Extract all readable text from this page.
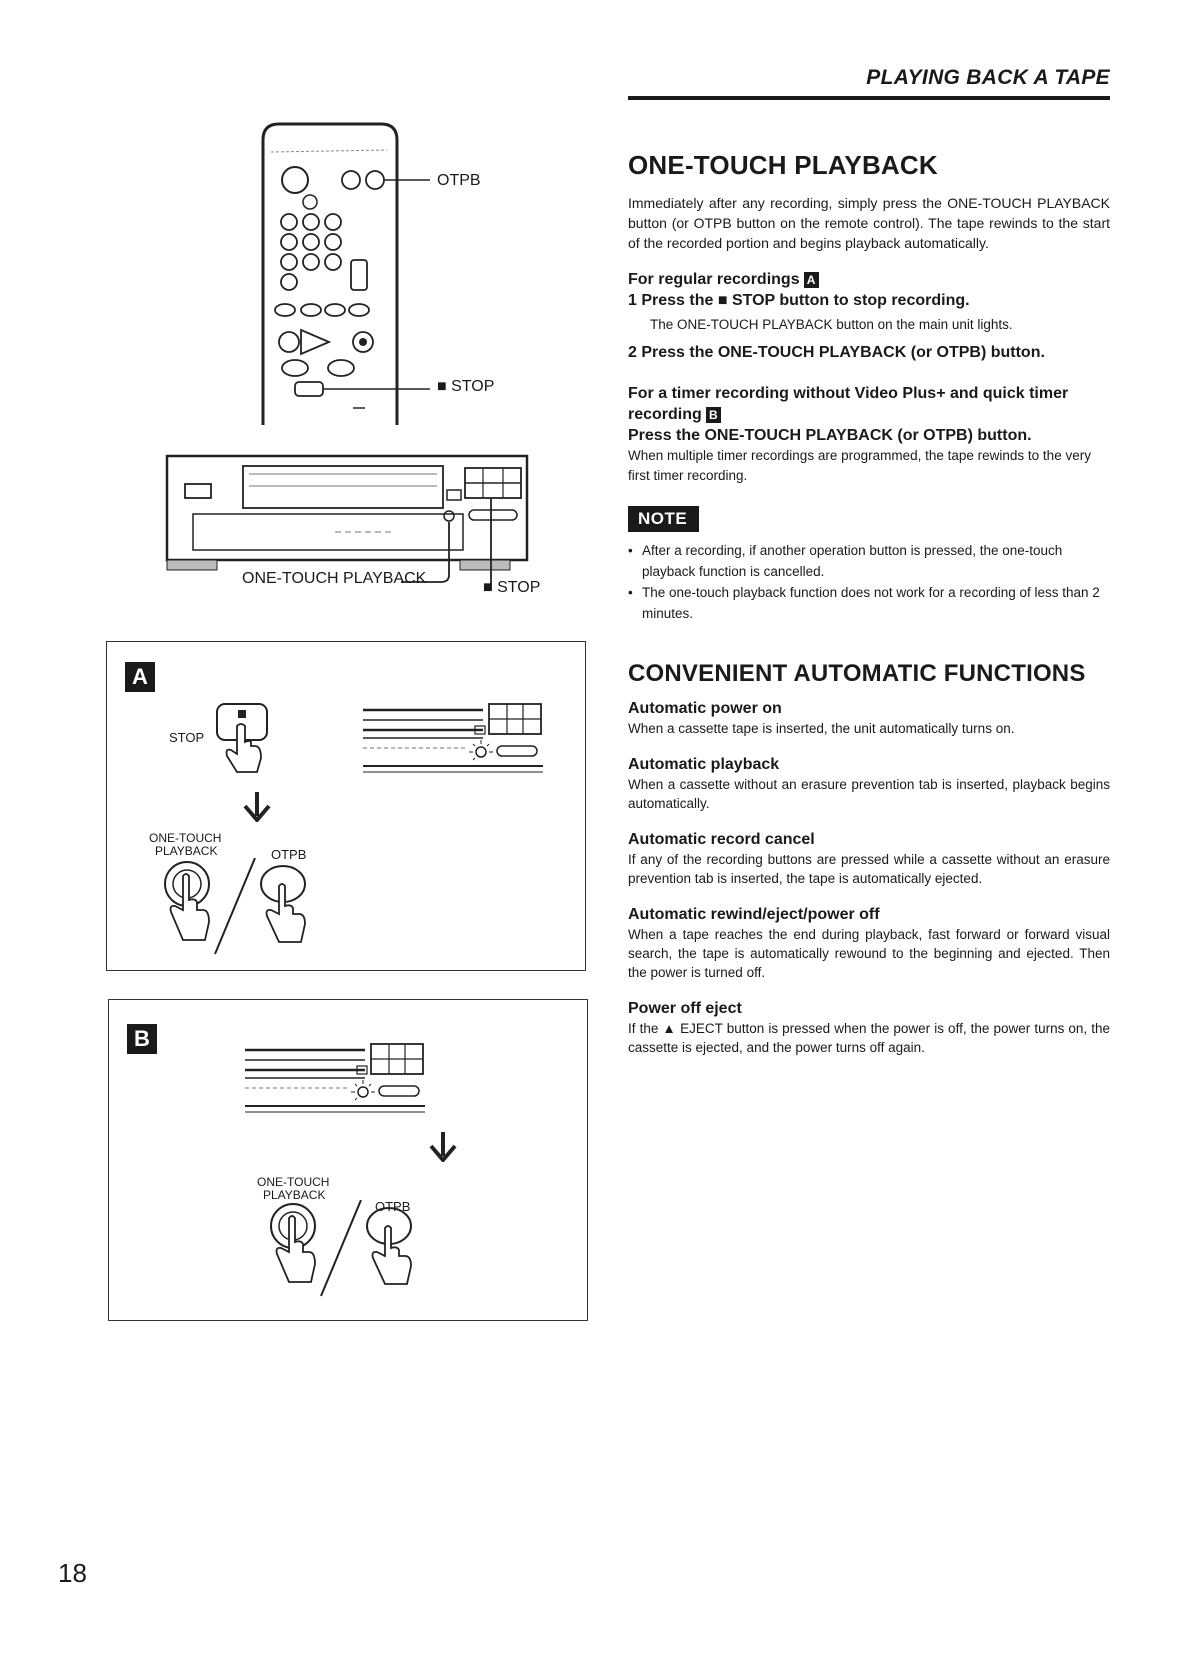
PLAYING BACK A TAPE
OTPB
■ STOP
ONE-TOUCH PLAYBACK
■ STOP
A
STOP
ONE-TOUCH
PLAYBACK	OTPB
B
ONE-TOUCH
PLAYBACK
OTPB
ONE-TOUCH PLAYBACK

Immediately after any recording, simply press the ONE-TOUCH PLAYBACK button (or OTPB button on the remote control). The tape rewinds to the start of the recorded portion and begins playback automatically.

For regular recordings A

1 Press the ■ STOP button to stop recording.

The ONE-TOUCH PLAYBACK button on the main unit lights.

2 Press the ONE-TOUCH PLAYBACK (or OTPB) button.

For a timer recording without Video Plus+ and quick timer recording B

Press the ONE-TOUCH PLAYBACK (or OTPB) button.

When multiple timer recordings are programmed, the tape rewinds to the very first timer recording.

NOTE
• After a recording, if another operation button is pressed, the one-touch playback function is cancelled.
• The one-touch playback function does not work for a recording of less than 2 minutes.
CONVENIENT AUTOMATIC FUNCTIONS

Automatic power on

When a cassette tape is inserted, the unit automatically turns on.

Automatic playback

When a cassette without an erasure prevention tab is inserted, playback begins automatically.

Automatic record cancel

If any of the recording buttons are pressed while a cassette without an erasure prevention tab is inserted, the tape is automatically ejected.

Automatic rewind/eject/power off

When a tape reaches the end during playback, fast forward or forward visual search, the tape is automatically rewound to the beginning and ejected. Then the power is turned off.

Power off eject

If the ▲ EJECT button is pressed when the power is off, the power turns on, the cassette is ejected, and the power turns off again.

18
